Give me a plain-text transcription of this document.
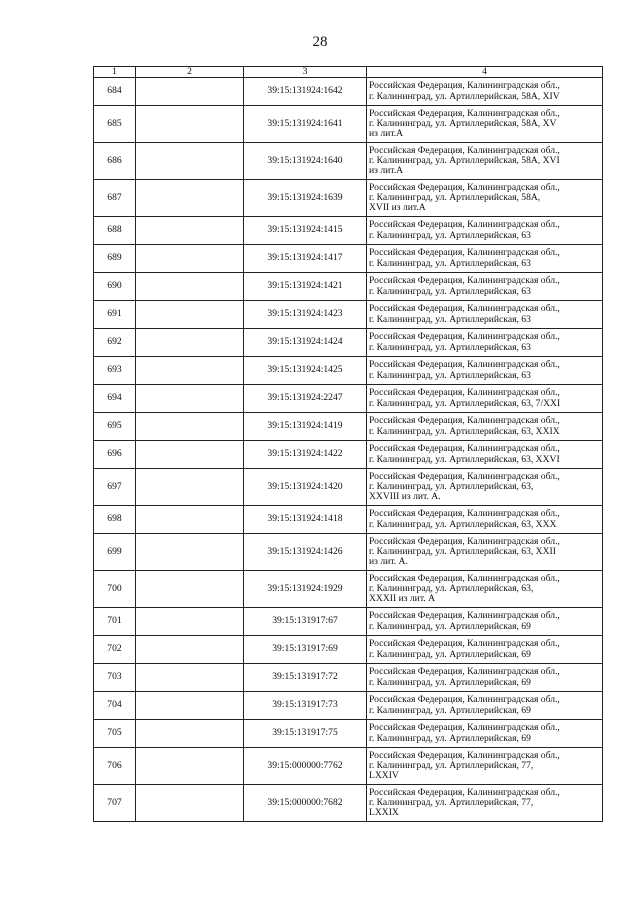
28
1	2	3	4
684		39:15:131924:1642	Российская Федерация, Калининградская обл.,
г. Калининград, ул. Артиллерийская, 58А, XIV

685		39:15:131924:1641	Российская Федерация, Калининградская обл.,
г. Калининград, ул. Артиллерийская, 58А, XV
из лит.А

686		39:15:131924:1640	Российская Федерация, Калининградская обл.,
г. Калининград, ул. Артиллерийская, 58А, XVI
из лит.А

687		39:15:131924:1639	Российская Федерация, Калининградская обл.,
г. Калининград, ул. Артиллерийская, 58А,
XVII из лит.А

688		39:15:131924:1415	Российская Федерация, Калининградская обл.,
г. Калининград, ул. Артиллерийская, 63

689		39:15:131924:1417	Российская Федерация, Калининградская обл.,
г. Калининград, ул. Артиллерийская, 63

690		39:15:131924:1421	Российская Федерация, Калининградская обл.,
г. Калининград, ул. Артиллерийская, 63

691		39:15:131924:1423	Российская Федерация, Калининградская обл.,
г. Калининград, ул. Артиллерийская, 63

692		39:15:131924:1424	Российская Федерация, Калининградская обл.,
г. Калининград, ул. Артиллерийская, 63

693		39:15:131924:1425	Российская Федерация, Калининградская обл.,
г. Калининград, ул. Артиллерийская, 63

694		39:15:131924:2247	Российская Федерация, Калининградская обл.,
г. Калининград, ул. Артиллерийская, 63, 7/XXI

695		39:15:131924:1419	Российская Федерация, Калининградская обл.,
г. Калининград, ул. Артиллерийская, 63, XXIX

696		39:15:131924:1422	Российская Федерация, Калининградская обл.,
г. Калининград, ул. Артиллерийская, 63, XXVI

697		39:15:131924:1420	Российская Федерация, Калининградская обл.,
г. Калининград, ул. Артиллерийская, 63,
XXVIII из лит. А.

698		39:15:131924:1418	Российская Федерация, Калининградская обл.,
г. Калининград, ул. Артиллерийская, 63, XXX

699		39:15:131924:1426	Российская Федерация, Калининградская обл.,
г. Калининград, ул. Артиллерийская, 63, XXII
из лит. А.

700		39:15:131924:1929	Российская Федерация, Калининградская обл.,
г. Калининград, ул. Артиллерийская, 63,
XXXII из лит. А

701		39:15:131917:67	Российская Федерация, Калининградская обл.,
г. Калининград, ул. Артиллерийская, 69

702		39:15:131917:69	Российская Федерация, Калининградская обл.,
г. Калининград, ул. Артиллерийская, 69

703		39:15:131917:72	Российская Федерация, Калининградская обл.,
г. Калининград, ул. Артиллерийская, 69

704		39:15:131917:73	Российская Федерация, Калининградская обл.,
г. Калининград, ул. Артиллерийская, 69

705		39:15:131917:75	Российская Федерация, Калининградская обл.,
г. Калининград, ул. Артиллерийская, 69

706		39:15:000000:7762	Российская Федерация, Калининградская обл.,
г. Калининград, ул. Артиллерийская, 77,
LXXIV

707		39:15:000000:7682	Российская Федерация, Калининградская обл.,
г. Калининград, ул. Артиллерийская, 77,
LXXIX
